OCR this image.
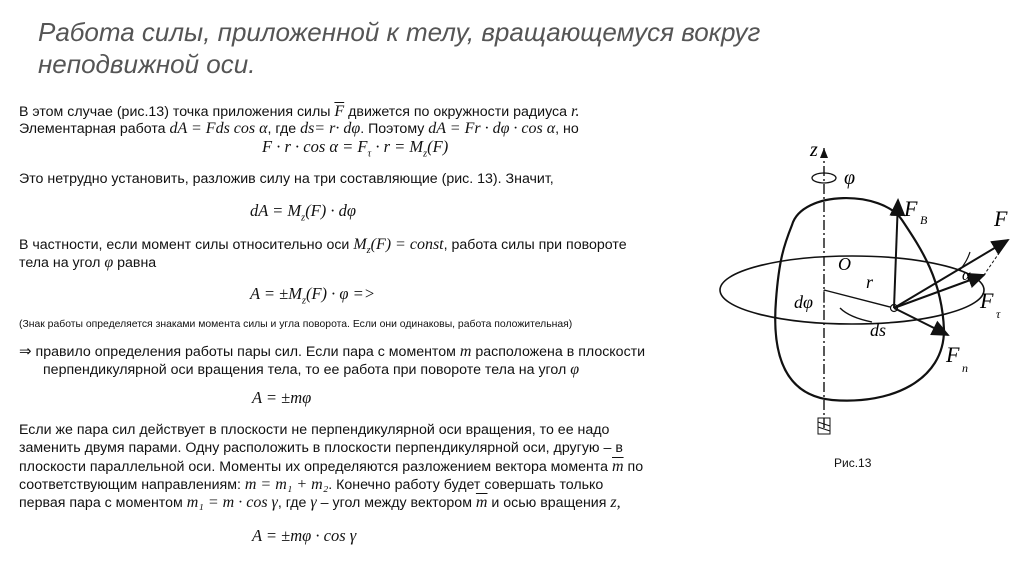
Работа силы, приложенной к телу, вращающемуся вокруг неподвижной оси.
В этом случае (рис.13) точка приложения силы $\overline{F}$ движется по окружности радиуса r.
Элементарная работа dA = Fds cos α, где ds= r· dφ. Поэтому dA = Fr · dφ · cos α, но
$F \cdot r \cdot \cos \alpha = F_\tau \cdot r = M_z(F)$
Это нетрудно установить, разложив силу на три составляющие (рис. 13). Значит,
dA = $M_z(F) \cdot d\varphi$
В частности, если момент силы относительно оси $M_z(F)$ = const, работа силы при повороте
тела на угол φ равна
$A = \pm M_z(F) \cdot \varphi$ =>
(Знак работы определяется знаками момента силы и угла поворота. Если они одинаковы, работа положительная)
⇒ правило определения работы пары сил. Если пара с моментом m расположена в плоскости
перпендикулярной оси вращения тела, то ее работа при повороте тела на угол φ
A = ±mφ
Если же пара сил действует в плоскости не перпендикулярной оси вращения, то ее надо
заменить двумя парами. Одну расположить в плоскости перпендикулярной оси, другую – в
плоскости параллельной оси. Моменты их определяются разложением вектора момента $\overline{m}$ по
соответствующим направлениям: m = m₁ + m₂. Конечно работу будет совершать только
первая пара с моментом m₁ = m · cos γ, где γ – угол между вектором $\overline{m}$ и осью вращения z,
A = ±mφ · cos γ
z
φ
F B	F
O
r	α
dφ
ds
F
τ
F
n
Рис.13
